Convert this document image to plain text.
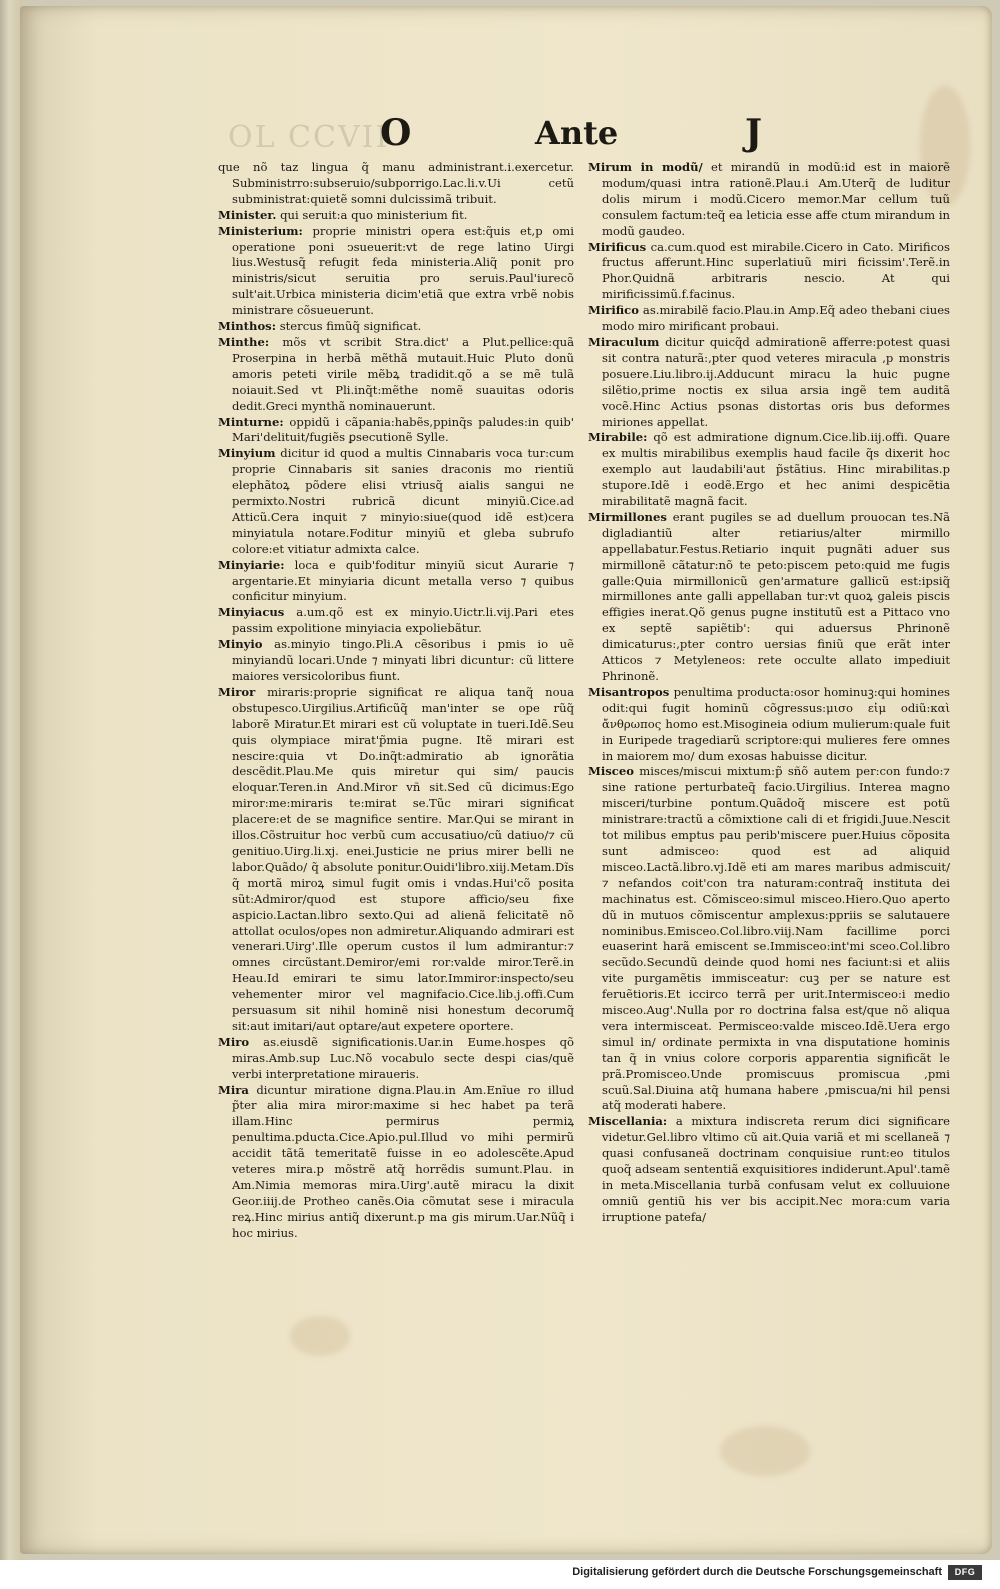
OL CCVII
O	Ante	J

que nõ taz lingua q̃ manu administrant.i.exercetur. Subministrro:subseruio/subporrigo.Lac.li.v.Ui cetũ subministrat:quietẽ somni dulcissimã tribuit.

Minister. qui seruit:a quo ministerium fit.

Ministerium: proprie ministri opera est:q̃uis et,p omi operatione poni ↄsueuerit:vt de rege latino Uirgi lius.Westusq̃ refugit feda ministeria.Aliq̃ ponit pro ministris/sicut seruitia pro seruis.Paul'iurecõ sult'ait.Urbica ministeria dicim'etiã que extra vrbẽ nobis ministrare cõsueuerunt.

Minthos: stercus fimũq̃ significat.

Minthe: mõs vt scribit Stra.dict' a Plut.pellice:quã Proserpina in herbã mẽthã mutauit.Huic Pluto donũ amoris peteti virile mẽbꝝ tradidit.qõ a se mẽ tulã noiauit.Sed vt Pli.inq̃t:mẽthe nomẽ suauitas odoris dedit.Greci mynthã nominauerunt.

Minturne: oppidũ i cãpania:habẽs,ppinq̃s paludes:in quib' Mari'delituit/fugiẽs ꝑsecutionẽ Sylle.

Minyium dicitur id quod a multis Cinnabaris voca tur:cum proprie Cinnabaris sit sanies draconis mo rientiũ elephãtoꝝ põdere elisi vtriusq̃ aialis sangui ne permixto.Nostri rubricã dicunt minyiũ.Cice.ad Atticũ.Cera inquit ⁊ minyio:siue(quod idẽ est)cera minyiatula notare.Foditur minyiũ et gleba subrufo colore:et vitiatur admixta calce.

Minyiarie: loca e quib'foditur minyiũ sicut Aurarie ⁊ argentarie.Et minyiaria dicunt metalla verso ⁊ quibus conficitur minyium.

Minyiacus a.um.qõ est ex minyio.Uictr.li.vij.Pari etes passim expolitione minyiacia expoliebãtur.

Minyio as.minyio tingo.Pli.A cẽsoribus i pmis io uẽ minyiandũ locari.Unde ⁊ minyati libri dicuntur: cũ littere maiores versicoloribus fiunt.

Miror miraris:proprie significat re aliqua tanq̃ noua obstupesco.Uirgilius.Artificũq̃ man'inter se ope rũq̃ laborẽ Miratur.Et mirari est cũ voluptate in tueri.Idẽ.Seu quis olympiace mirat'p̃mia pugne. Itẽ mirari est nescire:quia vt Do.inq̃t:admiratio ab ignorãtia descẽdit.Plau.Me quis miretur qui sim/ paucis eloquar.Teren.in And.Miror vñ sit.Sed cũ dicimus:Ego miror:me:miraris te:mirat se.Tũc mirari significat placere:et de se magnifice sentire. Mar.Qui se mirant in illos.Cõstruitur hoc verbũ cum accusatiuo/cũ datiuo/⁊ cũ genitiuo.Uirg.li.xj. enei.Justicie ne prius mirer belli ne labor.Quãdo/ q̃ absolute ponitur.Ouidi'libro.xiij.Metam.Dĩs q̃ mortã miroꝝ simul fugit omis i vndas.Hui'cõ posita sũt:Admiror/quod est stupore afficio/seu fixe aspicio.Lactan.libro sexto.Qui ad alienã felicitatẽ nõ attollat oculos/opes non admiretur.Aliquando admirari est venerari.Uirg'.Ille operum custos il lum admirantur:⁊ omnes circũstant.Demiror/emi ror:valde miror.Terẽ.in Heau.Id emirari te simu lator.Immiror:inspecto/seu vehementer miror vel magnifacio.Cice.lib.j.offi.Cum persuasum sit nihil hominẽ nisi honestum decorumq̃ sit:aut imitari/aut optare/aut expetere oportere.

Miro as.eiusdẽ significationis.Uar.in Eume.hospes qõ miras.Amb.sup Luc.Nõ vocabulo secte despi cias/quẽ verbi interpretatione miraueris.

Mira dicuntur miratione digna.Plau.in Am.Enĩue ro illud p̃ter alia mira miror:maxime si hec habet pa terã illam.Hinc permirus permiꝝ penultima.pducta.Cice.Apio.pul.Illud vo mihi permirũ accidit tãtã temeritatẽ fuisse in eo adolescẽte.Apud veteres mira.p mõstrẽ atq̃ horrẽdis sumunt.Plau. in Am.Nimia memoras mira.Uirg'.autẽ miracu la dixit Geor.iiij.de Protheo canẽs.Oia cõmutat sese i miracula reꝝ.Hinc mirius antiq̃ dixerunt.p ma gis mirum.Uar.Nũq̃ i hoc mirius.

Mirum in modũ/ et mirandũ in modũ:id est in maiorẽ modum/quasi intra rationẽ.Plau.i Am.Uterq̃ de luditur dolis mirum i modũ.Cicero memor.Mar cellum tuũ consulem factum:teq̃ ea leticia esse affe ctum mirandum in modũ gaudeo.

Mirificus ca.cum.quod est mirabile.Cicero in Cato. Mirificos fructus afferunt.Hinc superlatiuũ miri ficissim'.Terẽ.in Phor.Quidnã arbitraris nescio. At qui mirificissimũ.f.facinus.

Mirifico as.mirabilẽ facio.Plau.in Amp.Eq̃ adeo thebani ciues modo miro mirificant probaui.

Miraculum dicitur quicq̃d admirationẽ afferre:potest quasi sit contra naturã:,pter quod veteres miracula ,p monstris posuere.Liu.libro.ij.Adducunt miracu la huic pugne silẽtio,prime noctis ex silua arsia ingẽ tem auditã vocẽ.Hinc Actius psonas distortas oris bus deformes miriones appellat.

Mirabile: qõ est admiratione dignum.Cice.lib.iij.offi. Quare ex multis mirabilibus exemplis haud facile q̃s dixerit hoc exemplo aut laudabili'aut p̃stãtius. Hinc mirabilitas.p stupore.Idẽ i eodẽ.Ergo et hec animi despicẽtia mirabilitatẽ magnã facit.

Mirmillones erant pugiles se ad duellum prouocan tes.Nã digladiantiũ alter retiarius/alter mirmillo appellabatur.Festus.Retiario inquit pugnãti aduer sus mirmillonẽ cãtatur:nõ te peto:piscem peto:quid me fugis galle:Quia mirmillonicũ gen'armature gallicũ est:ipsiq̃ mirmillones ante galli appellaban tur:vt quoꝝ galeis piscis effigies inerat.Qõ genus pugne institutũ est a Pittaco vno ex septẽ sapiẽtib': qui aduersus Phrinonẽ dimicaturus:,pter contro uersias finiũ que erãt inter Atticos ⁊ Metyleneos: rete occulte allato impediuit Phrinonẽ.

Misantropos penultima producta:osor hominuꝫ:qui homines odit:qui fugit hominũ cõgressus:μισο εἰμ odiũ:καὶ ἄνθρωπος homo est.Misogineia odium mulierum:quale fuit in Euripede tragediarũ scriptore:qui mulieres fere omnes in maiorem mo/ dum exosas habuisse dicitur.

Misceo misces/miscui mixtum:p̃ sñõ autem per:con fundo:⁊ sine ratione perturbateq̃ facio.Uirgilius. Interea magno misceri/turbine pontum.Quãdoq̃ miscere est potũ ministrare:tractũ a cõmixtione cali di et frigidi.Juue.Nescit tot milibus emptus pau perib'miscere puer.Huius cõposita sunt admisceo: quod est ad aliquid misceo.Lactã.libro.vj.Idẽ eti am mares maribus admiscuit/⁊ nefandos coit'con tra naturam:contraq̃ instituta dei machinatus est. Cõmisceo:simul misceo.Hiero.Quo aperto dũ in mutuos cõmiscentur amplexus:ppriis se salutauere nominibus.Emisceo.Col.libro.viij.Nam facillime porci euaserint harã emiscent se.Immisceo:int'mi sceo.Col.libro secũdo.Secundũ deinde quod homi nes faciunt:si et aliis vite purgamẽtis immisceatur: cuꝫ per se nature est feruẽtioris.Et iccirco terrã per urit.Intermisceo:i medio misceo.Aug'.Nulla por ro doctrina falsa est/que nõ aliqua vera intermisceat. Permisceo:valde misceo.Idẽ.Uera ergo simul in/ ordinate permixta in vna disputatione hominis tan q̃ in vnius colore corporis apparentia significãt le prã.Promisceo.Unde promiscuus promiscua ,pmi scuũ.Sal.Diuina atq̃ humana habere ,pmiscua/ni hil pensi atq̃ moderati habere.

Miscellania: a mixtura indiscreta rerum dici significare videtur.Gel.libro vltimo cũ ait.Quia variã et mi scellaneã ⁊ quasi confusaneã doctrinam conquisiue runt:eo titulos quoq̃ adseam sententiã exquisitiores indiderunt.Apul'.tamẽ in meta.Miscellania turbã confusam velut ex colluuione omniũ gentiũ his ver bis accipit.Nec mora:cum varia irruptione patefa/

Digitalisierung gefördert durch die Deutsche Forschungsgemeinschaft	DFG
